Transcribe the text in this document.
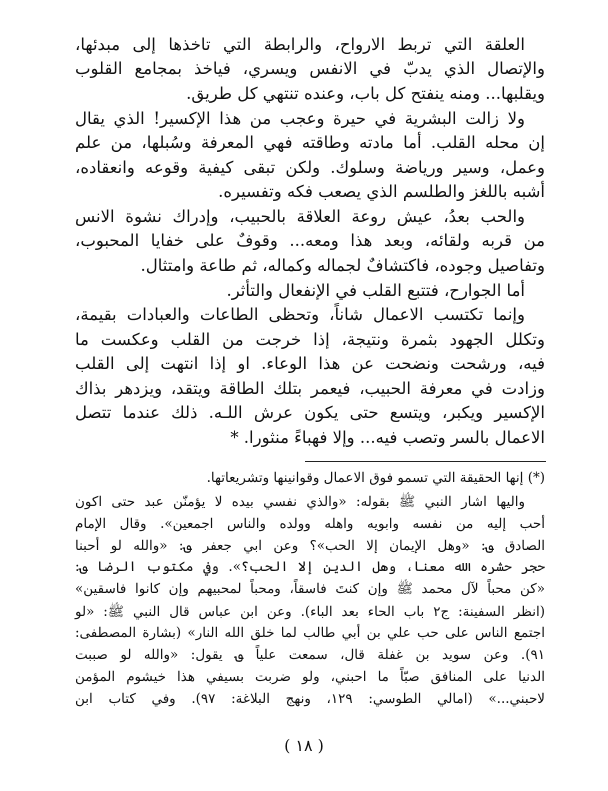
العلقة التي تربط الارواح، والرابطة التي تاخذها إلى مبدئها،
والإتصال الذي يدبّ في الانفس ويسري، فياخذ بمجامع القلوب
ويقلبها... ومنه ينفتح كل باب، وعنده تنتهي كل طريق.
ولا زالت البشرية في حيرة وعجب من هذا الإكسير! الذي يقال
إن محله القلب. أما مادته وطاقته فهي المعرفة وسُبلها، من علم
وعمل، وسير ورياضة وسلوك. ولكن تبقى كيفية وقوعه وانعقاده،
أشبه باللغز والطلسم الذي يصعب فكه وتفسيره.
والحب بعدُ، عيش روعة العلاقة بالحبيب، وإدراك نشوة الانس
من قربه ولقائه، وبعد هذا ومعه... وقوفٌ على خفايا المحبوب،
وتفاصيل وجوده، فاكتشافٌ لجماله وكماله، ثم طاعة وامتثال.
أما الجوارح، فتتبع القلب في الإنفعال والتأثر.
وإنما تكتسب الاعمال شاناً، وتحظى الطاعات والعبادات بقيمة،
وتكلل الجهود بثمرة ونتيجة، إذا خرجت من القلب وعكست ما
فيه، ورشحت ونضحت عن هذا الوعاء. او إذا انتهت إلى القلب
وزادت في معرفة الحبيب، فيعمر بتلك الطاقة ويتقد، ويزدهر بذاك
الإكسير ويكبر، ويتسع حتى يكون عرش اللـه. ذلك عندما تتصل
الاعمال بالسر وتصب فيه... وإلا فهباءً منثورا. *
(*) إنها الحقيقة التي تسمو فوق الاعمال وقوانينها وتشريعاتها.
واليها اشار النبي ﷺ بقوله: «والذي نفسي بيده لا يؤمنّن عبد حتى اكون
أحب إليه من نفسه وابويه واهله وولده والناس اجمعين». وقال الإمام
الصادق ؈: «وهل الإيمان إلا الحب»؟ وعن ابي جعفر ؈: «والله لو أحبنا
حجر حشره الله معنا، وهل الدين إلا الحب؟». وفي مكتوب الرضا ؈:
«كن محباً لآل محمد ﷺ وإن كنتَ فاسقاً، ومحباً لمحبيهم وإن كانوا فاسقين»
(انظر السفينة: ج٢ باب الحاء بعد الباء). وعن ابن عباس قال النبي ﷺ: «لو
اجتمع الناس على حب علي بن أبي طالب لما خلق الله النار» (بشارة المصطفى:
٩١). وعن سويد بن غفلة قال، سمعت علياً ؈ يقول: «والله لو صببت
الدنيا على المنافق صبّاً ما احبني، ولو ضربت بسيفي هذا خيشوم المؤمن
لاحبني...» (امالي الطوسي: ١٢٩، ونهج البلاغة: ٩٧). وفي كتاب ابن
( ١٨ )
